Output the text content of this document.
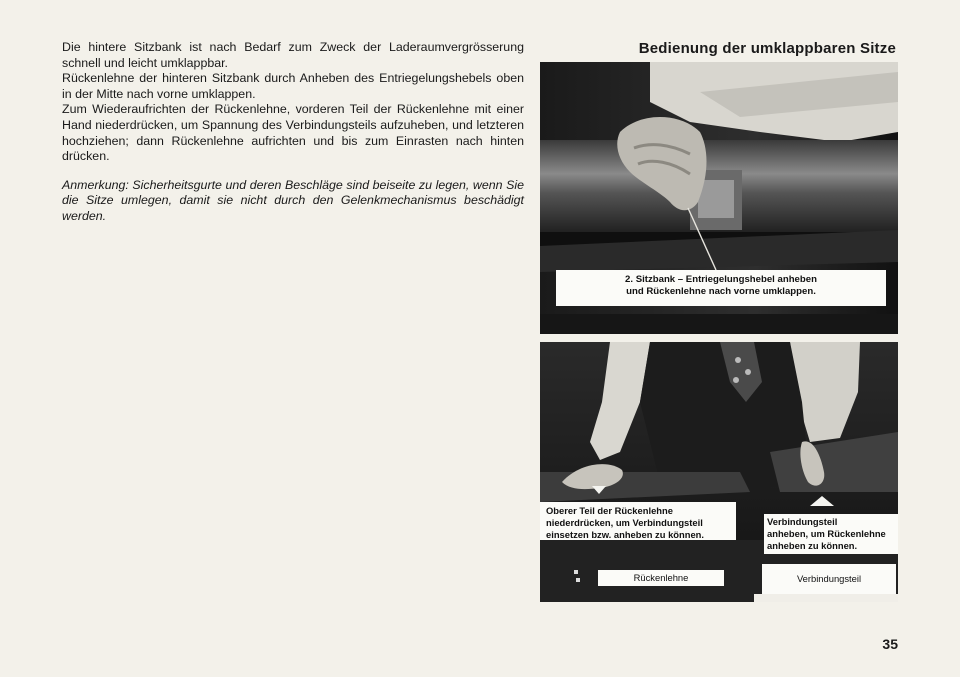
Die hintere Sitzbank ist nach Bedarf zum Zweck der Laderaumvergrösserung schnell und leicht umklappbar.

Rückenlehne der hinteren Sitzbank durch Anheben des Entriegelungshebels oben in der Mitte nach vorne umklappen.

Zum Wiederaufrichten der Rückenlehne, vorderen Teil der Rückenlehne mit einer Hand niederdrücken, um Spannung des Verbindungsteils aufzuheben, und letzteren hochziehen; dann Rückenlehne aufrichten und bis zum Einrasten nach hinten drücken.

Anmerkung: Sicherheitsgurte und deren Beschläge sind beiseite zu legen, wenn Sie die Sitze umlegen, damit sie nicht durch den Gelenkmechanismus beschädigt werden.

Bedienung der umklappbaren Sitze
2. Sitzbank – Entriegelungshebel anheben
und Rückenlehne nach vorne umklappen.
Oberer Teil der Rückenlehne
niederdrücken, um Verbindungsteil
einsetzen bzw. anheben zu können.
Verbindungsteil
anheben, um Rückenlehne
anheben zu können.
Rückenlehne	Verbindungsteil
35
